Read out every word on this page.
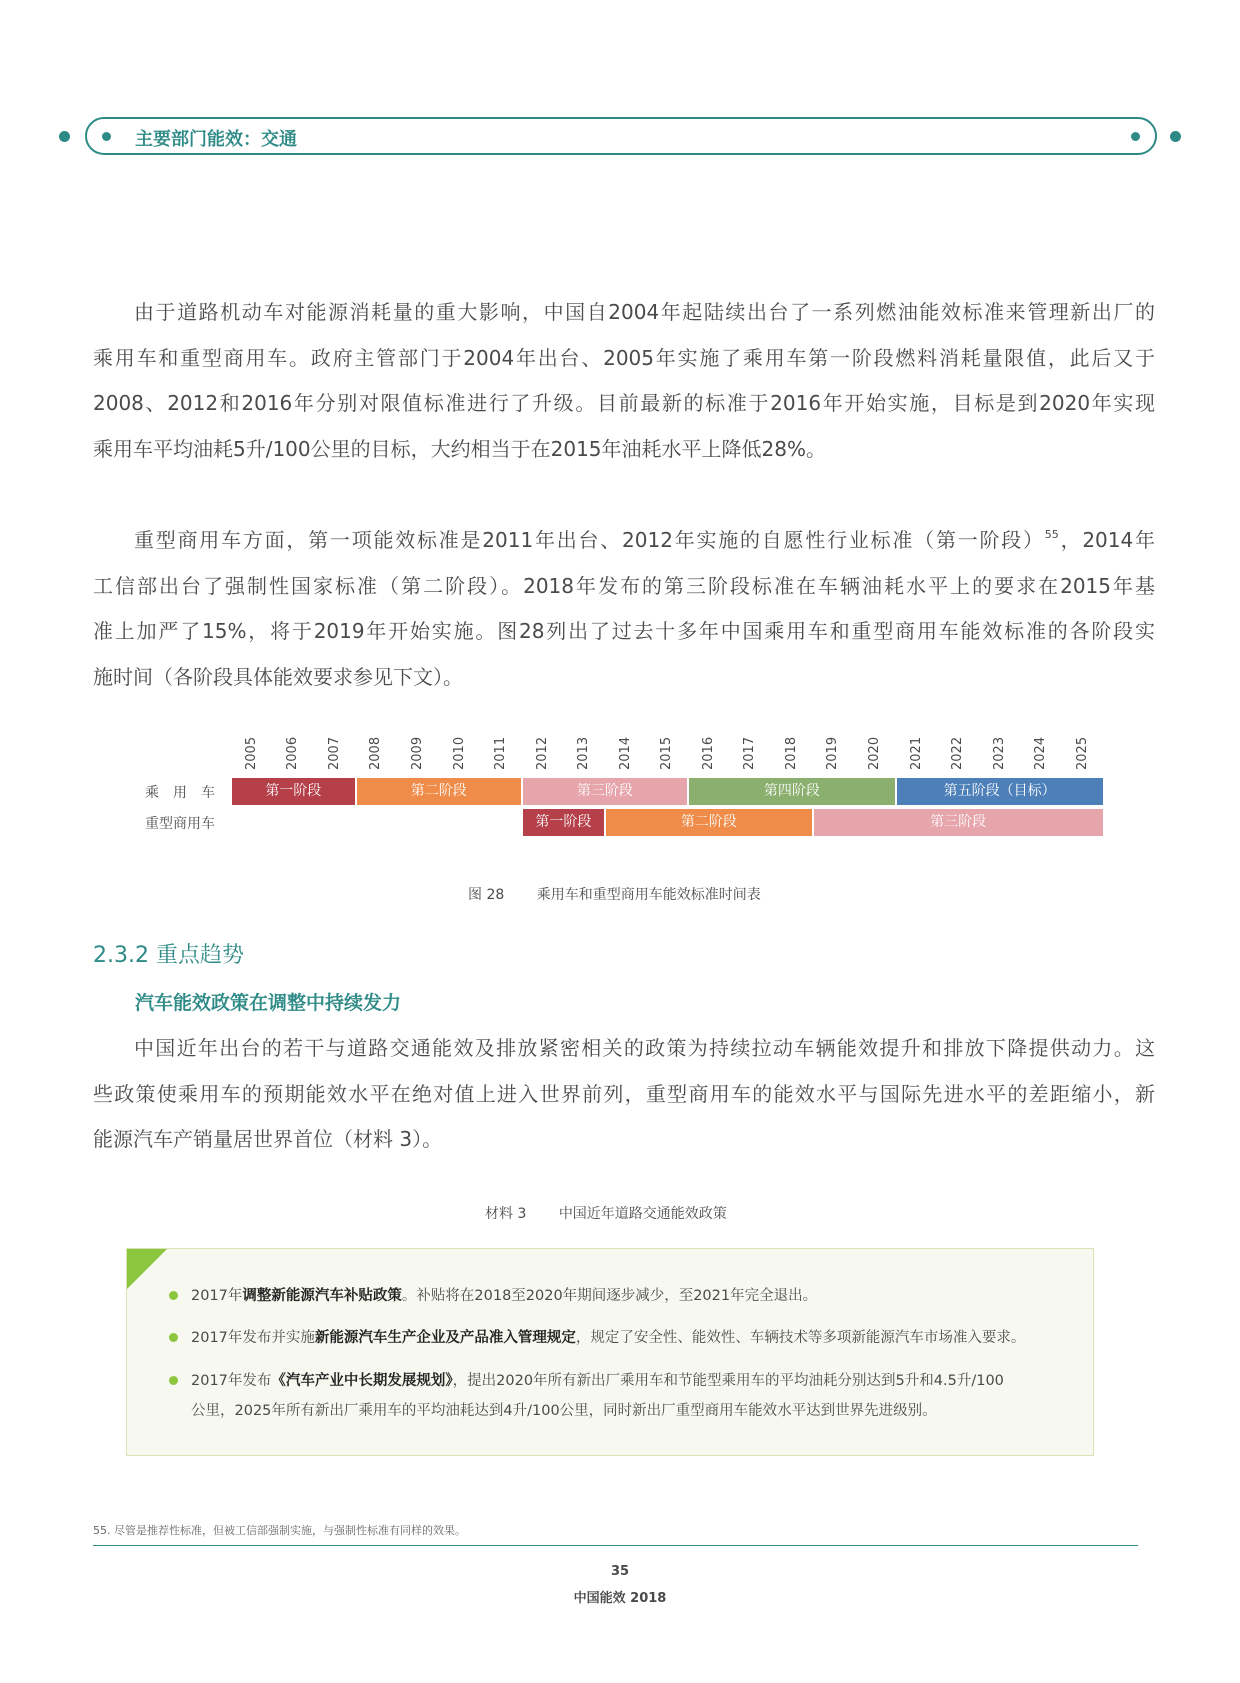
主要部门能效：交通
由于道路机动车对能源消耗量的重大影响，中国自2004年起陆续出台了一系列燃油能效标准来管理新出厂的
乘用车和重型商用车。政府主管部门于2004年出台、2005年实施了乘用车第一阶段燃料消耗量限值，此后又于
2008、2012和2016年分别对限值标准进行了升级。目前最新的标准于2016年开始实施，目标是到2020年实现
乘用车平均油耗5升/100公里的目标，大约相当于在2015年油耗水平上降低28%。
重型商用车方面，第一项能效标准是2011年出台、2012年实施的自愿性行业标准（第一阶段）$^{55}$，2014年
工信部出台了强制性国家标准（第二阶段）。2018年发布的第三阶段标准在车辆油耗水平上的要求在2015年基
准上加严了15%，将于2019年开始实施。图28列出了过去十多年中国乘用车和重型商用车能效标准的各阶段实
施时间（各阶段具体能效要求参见下文）。
2005 2006 2007 2008 2009 2010 2011 2012 2013 2014 2015 2016 2017 2018 2019 2020 2021 2022 2023 2024 2025
乘　用　车	第一阶段	第二阶段	第三阶段	第四阶段	第五阶段（目标）
重型商用车	第一阶段	第二阶段	第三阶段
图 28 乘用车和重型商用车能效标准时间表
2.3.2 重点趋势
汽车能效政策在调整中持续发力
中国近年出台的若干与道路交通能效及排放紧密相关的政策为持续拉动车辆能效提升和排放下降提供动力。这
些政策使乘用车的预期能效水平在绝对值上进入世界前列，重型商用车的能效水平与国际先进水平的差距缩小，新
能源汽车产销量居世界首位（材料 3）。
材料 3 中国近年道路交通能效政策
2017年调整新能源汽车补贴政策。补贴将在2018至2020年期间逐步减少，至2021年完全退出。
2017年发布并实施新能源汽车生产企业及产品准入管理规定，规定了安全性、能效性、车辆技术等多项新能源汽车市场准入要求。
2017年发布《汽车产业中长期发展规划》，提出2020年所有新出厂乘用车和节能型乘用车的平均油耗分别达到5升和4.5升/100
公里，2025年所有新出厂乘用车的平均油耗达到4升/100公里，同时新出厂重型商用车能效水平达到世界先进级别。
55. 尽管是推荐性标准，但被工信部强制实施，与强制性标准有同样的效果。
35
中国能效 2018
